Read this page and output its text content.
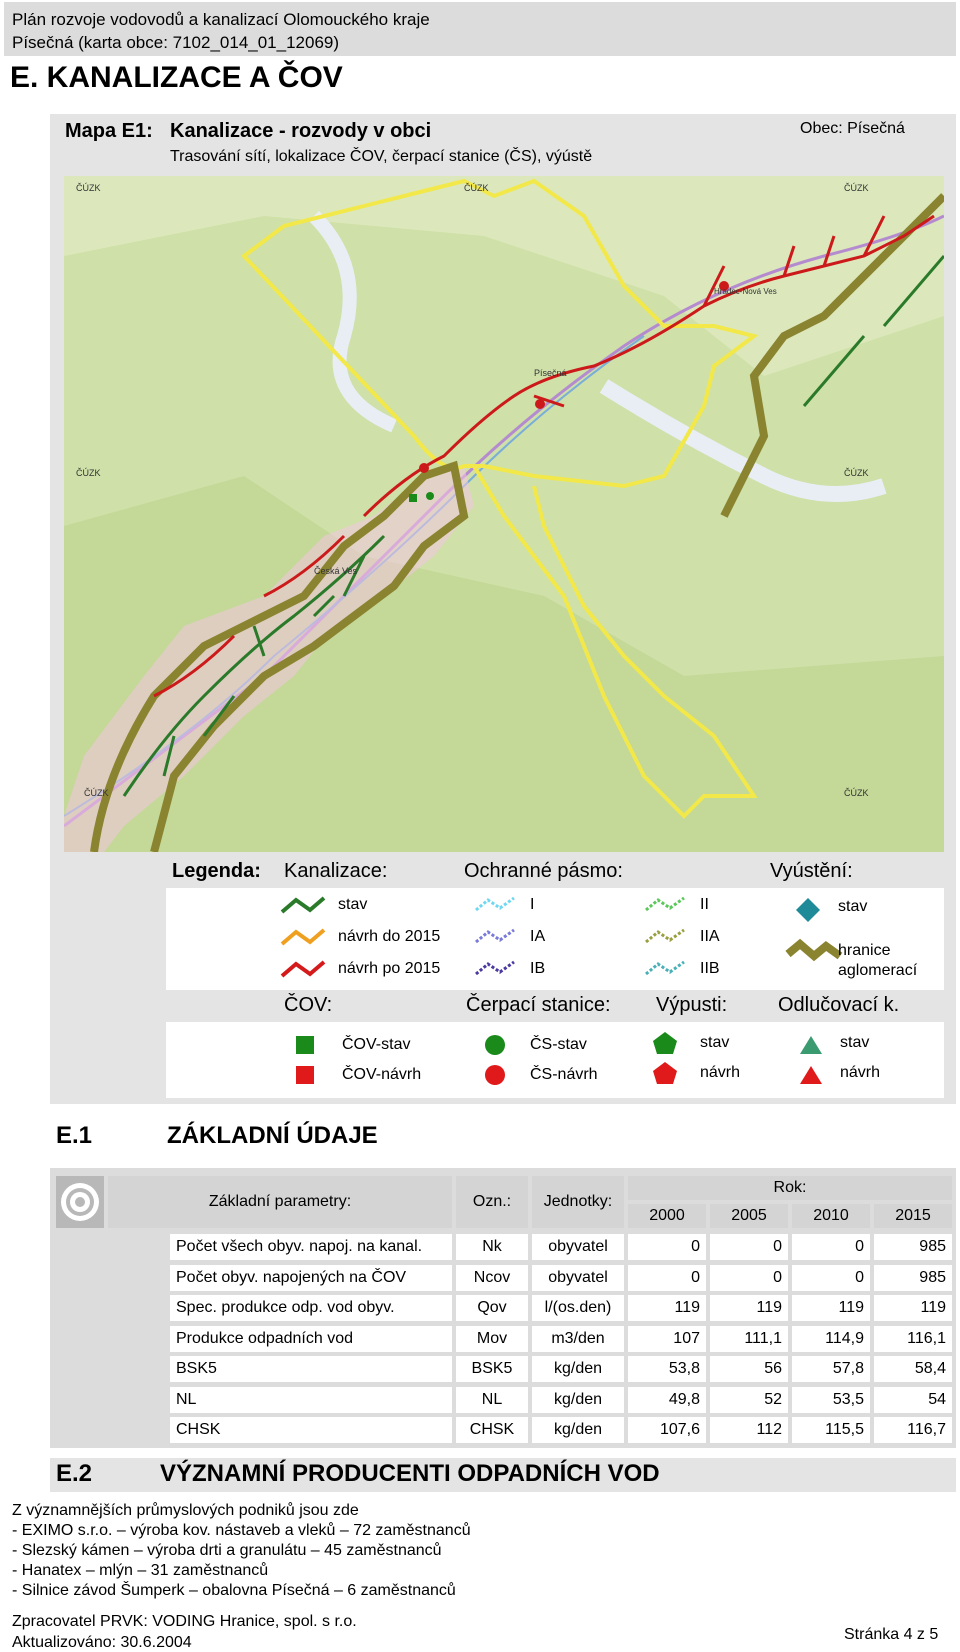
Plán rozvoje vodovodů a kanalizací Olomouckého kraje
Písečná (karta obce: 7102_014_01_12069)
E. KANALIZACE A ČOV
Mapa E1: Kanalizace - rozvody v obci
Trasování sítí, lokalizace ČOV, čerpací stanice (ČS), výústě
Obec: Písečná
Písečná
Česká Ves
Hradec-Nová Ves
ČÚZK	ČÚZK	ČÚZK
ČÚZK	ČÚZK
ČÚZK	ČÚZK
Legenda: Kanalizace:	Ochranné pásmo:	Vyústění:
stav
návrh do 2015
návrh po 2015
I
IA
IB
II
IIA
IIB
stav
hranice
aglomerací
ČOV:	Čerpací stanice: Výpusti:	Odlučovací k.
ČOV-stav
ČOV-návrh
ČS-stav
ČS-návrh
stav
návrh
stav
návrh
E.1	ZÁKLADNÍ ÚDAJE
Základní parametry:	Ozn.:	Jednotky:
Rok:
2000	2005	2010	2015
Počet všech obyv. napoj. na kanal.	Nk	obyvatel	0	0	0	985
Počet obyv. napojených na ČOV	Ncov	obyvatel	0	0	0	985
Spec. produkce odp. vod obyv.	Qov	l/(os.den)	119	119	119	119
Produkce odpadních vod	Mov	m3/den	107	111,1	114,9	116,1
BSK5	BSK5	kg/den	53,8	56	57,8	58,4
NL	NL	kg/den	49,8	52	53,5	54
CHSK	CHSK	kg/den	107,6	112	115,5	116,7
E.2	VÝZNAMNÍ PRODUCENTI ODPADNÍCH VOD
Z významnějších průmyslových podniků jsou zde
- EXIMO s.r.o. – výroba kov. nástaveb a vleků – 72 zaměstnanců
- Slezský kámen – výroba drti a granulátu – 45 zaměstnanců
- Hanatex – mlýn – 31 zaměstnanců
- Silnice závod Šumperk – obalovna Písečná – 6 zaměstnanců
Zpracovatel PRVK: VODING Hranice, spol. s r.o.
Aktualizováno: 30.6.2004	Stránka 4 z 5
